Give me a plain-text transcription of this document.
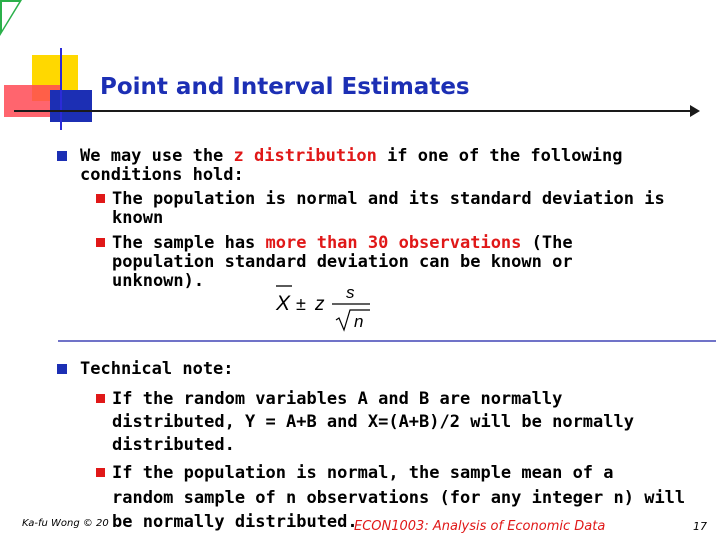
Point and Interval Estimates
We may use the z distribution if one of the following
conditions hold:
The population is normal and its standard deviation is
known
The sample has more than 30 observations (The
population standard deviation can be known or
unknown).
X ± z
s
n
Technical note:
If the random variables A and B are normally
distributed, Y = A+B and X=(A+B)/2 will be normally
distributed.
If the population is normal, the sample mean of a
random sample of n observations (for any integer n) will
Ka-fu Wong © 20	ECON1003: Analysis of Economic Data
be normally distributed.	17
